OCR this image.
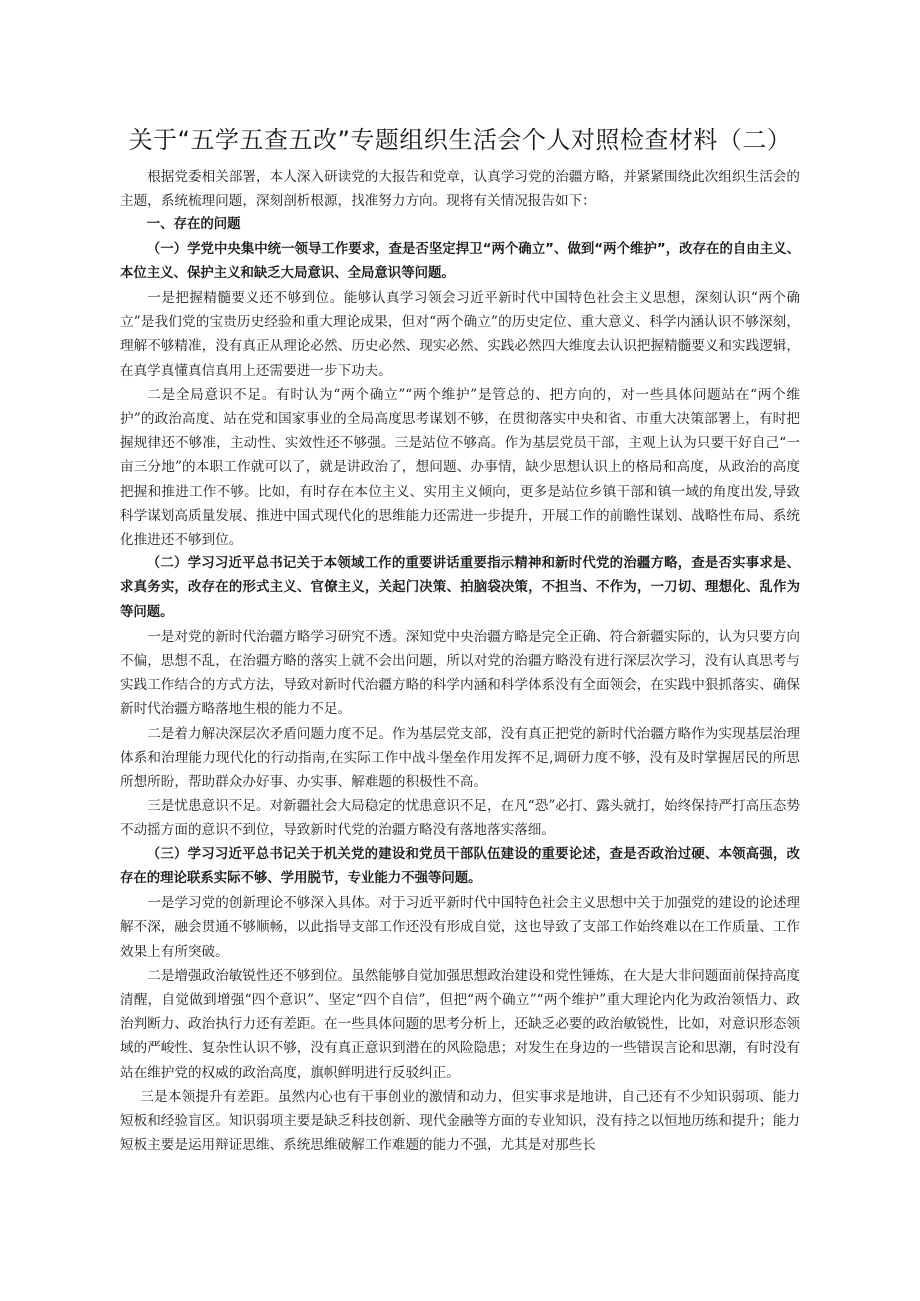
关于“五学五查五改”专题组织生活会个人对照检查材料（二）

根据党委相关部署，本人深入研读党的大报告和党章，认真学习党的治疆方略，并紧紧围绕此次组织生活会的主题，系统梳理问题，深刻剖析根源，找准努力方向。现将有关情况报告如下：

一、存在的问题

（一）学党中央集中统一领导工作要求，查是否坚定捍卫“两个确立”、做到“两个维护”，改存在的自由主义、本位主义、保护主义和缺乏大局意识、全局意识等问题。

一是把握精髓要义还不够到位。能够认真学习领会习近平新时代中国特色社会主义思想，深刻认识“两个确立”是我们党的宝贵历史经验和重大理论成果，但对“两个确立”的历史定位、重大意义、科学内涵认识不够深刻，理解不够精准，没有真正从理论必然、历史必然、现实必然、实践必然四大维度去认识把握精髓要义和实践逻辑，在真学真懂真信真用上还需要进一步下功夫。

二是全局意识不足。有时认为“两个确立”“两个维护”是管总的、把方向的，对一些具体问题站在“两个维护”的政治高度、站在党和国家事业的全局高度思考谋划不够，在贯彻落实中央和省、市重大决策部署上，有时把握规律还不够准，主动性、实效性还不够强。三是站位不够高。作为基层党员干部，主观上认为只要干好自己“一亩三分地”的本职工作就可以了，就是讲政治了，想问题、办事情，缺少思想认识上的格局和高度，从政治的高度把握和推进工作不够。比如，有时存在本位主义、实用主义倾向，更多是站位乡镇干部和镇一域的角度出发,导致科学谋划高质量发展、推进中国式现代化的思维能力还需进一步提升，开展工作的前瞻性谋划、战略性布局、系统化推进还不够到位。

（二）学习习近平总书记关于本领域工作的重要讲话重要指示精神和新时代党的治疆方略，查是否实事求是、求真务实，改存在的形式主义、官僚主义，关起门决策、拍脑袋决策，不担当、不作为，一刀切、理想化、乱作为等问题。

一是对党的新时代治疆方略学习研究不透。深知党中央治疆方略是完全正确、符合新疆实际的，认为只要方向不偏，思想不乱，在治疆方略的落实上就不会出问题，所以对党的治疆方略没有进行深层次学习，没有认真思考与实践工作结合的方式方法，导致对新时代治疆方略的科学内涵和科学体系没有全面领会，在实践中狠抓落实、确保新时代治疆方略落地生根的能力不足。

二是着力解决深层次矛盾问题力度不足。作为基层党支部，没有真正把党的新时代治疆方略作为实现基层治理体系和治理能力现代化的行动指南,在实际工作中战斗堡垒作用发挥不足,调研力度不够，没有及时掌握居民的所思所想所盼，帮助群众办好事、办实事、解难题的积极性不高。

三是忧患意识不足。对新疆社会大局稳定的忧患意识不足，在凡“恐”必打、露头就打，始终保持严打高压态势不动摇方面的意识不到位，导致新时代党的治疆方略没有落地落实落细。

（三）学习习近平总书记关于机关党的建设和党员干部队伍建设的重要论述，查是否政治过硬、本领高强，改存在的理论联系实际不够、学用脱节，专业能力不强等问题。

一是学习党的创新理论不够深入具体。对于习近平新时代中国特色社会主义思想中关于加强党的建设的论述理解不深，融会贯通不够顺畅，以此指导支部工作还没有形成自觉，这也导致了支部工作始终难以在工作质量、工作效果上有所突破。

二是增强政治敏锐性还不够到位。虽然能够自觉加强思想政治建设和党性锤炼，在大是大非问题面前保持高度清醒，自觉做到增强“四个意识”、坚定“四个自信”，但把“两个确立”“两个维护”重大理论内化为政治领悟力、政治判断力、政治执行力还有差距。在一些具体问题的思考分析上，还缺乏必要的政治敏锐性，比如，对意识形态领域的严峻性、复杂性认识不够，没有真正意识到潜在的风险隐患；对发生在身边的一些错误言论和思潮，有时没有站在维护党的权威的政治高度，旗帜鲜明进行反驳纠正。

三是本领提升有差距。虽然内心也有干事创业的激情和动力，但实事求是地讲，自己还有不少知识弱项、能力短板和经验盲区。知识弱项主要是缺乏科技创新、现代金融等方面的专业知识，没有持之以恒地历练和提升；能力短板主要是运用辩证思维、系统思维破解工作难题的能力不强，尤其是对那些长
